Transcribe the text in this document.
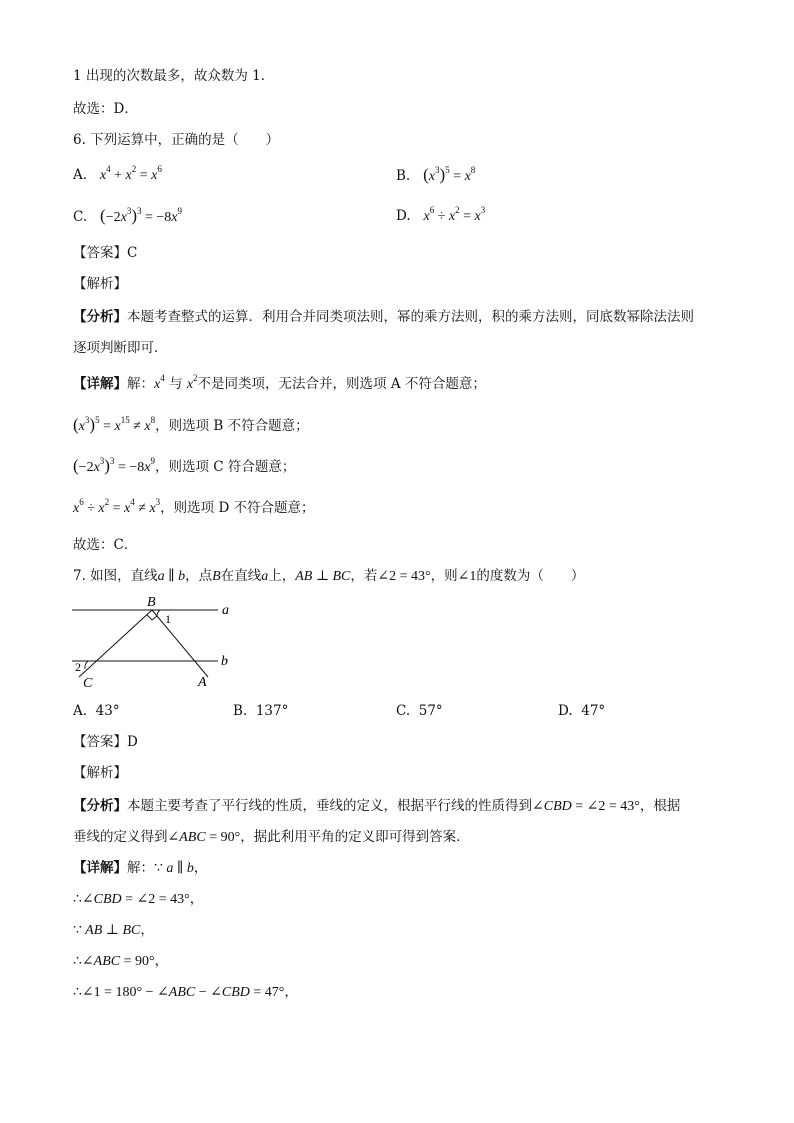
1 出现的次数最多，故众数为 1．
故选：D．
6. 下列运算中，正确的是（　　）
A. $x^4 + x^2 = x^6$	B. $(x^3)^5 = x^8$
C. $(-2x^3)^3 = -8x^9$	D. $x^6 \div x^2 = x^3$
【答案】C
【解析】
【分析】本题考查整式的运算．利用合并同类项法则，幂的乘方法则，积的乘方法则，同底数幂除法法则
逐项判断即可．
【详解】解：$x^4$ 与 $x^2$不是同类项，无法合并，则选项 A 不符合题意；
$(x^3)^5 = x^{15} \ne x^8$，则选项 B 不符合题意；
$(-2x^3)^3 = -8x^9$，则选项 C 符合题意；
$x^6 \div x^2 = x^4 \ne x^3$，则选项 D 不符合题意；
故选：C．
7. 如图，直线a ∥ b，点B在直线a上，AB ⊥ BC，若∠2 = 43°，则∠1的度数为（　　）
B
a
b
C	A
1
2
A. 43°	B. 137°	C. 57°	D. 47°
【答案】D
【解析】
【分析】本题主要考查了平行线的性质，垂线的定义，根据平行线的性质得到∠CBD = ∠2 = 43°，根据
垂线的定义得到∠ABC = 90°，据此利用平角的定义即可得到答案．
【详解】解：∵ a ∥ b，
∴∠CBD = ∠2 = 43°，
∵ AB ⊥ BC，
∴∠ABC = 90°，
∴∠1 = 180° − ∠ABC − ∠CBD = 47°，
